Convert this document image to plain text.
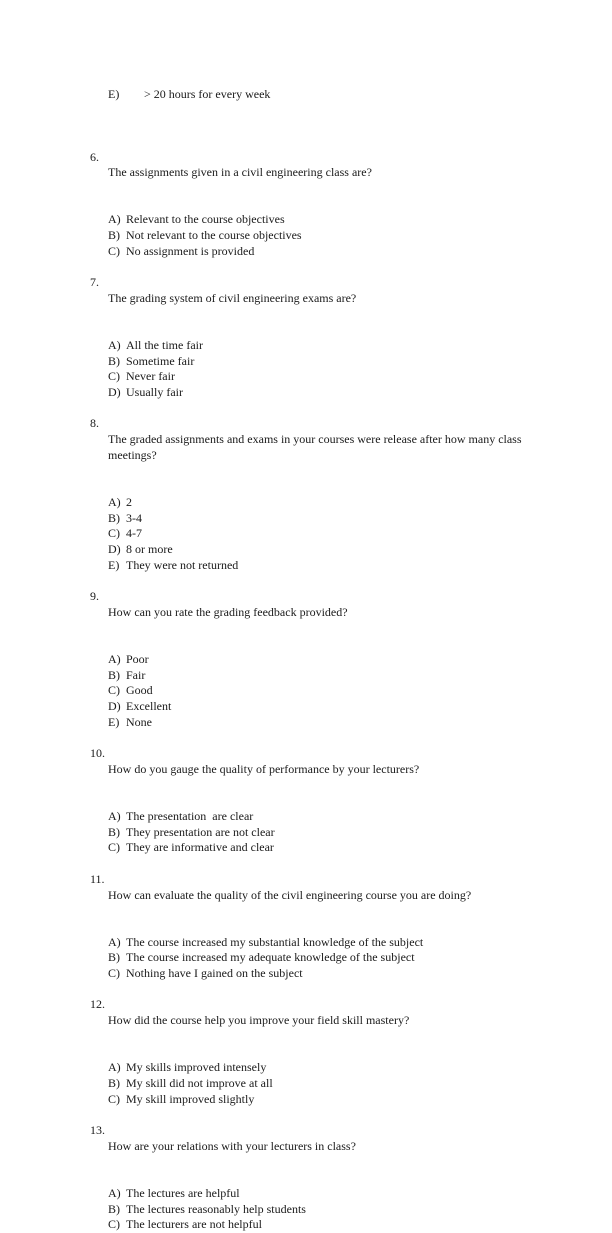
E) > 20 hours for every week

6.
The assignments given in a civil engineering class are?

A) Relevant to the course objectives
B) Not relevant to the course objectives
C) No assignment is provided

7.
The grading system of civil engineering exams are?

A) All the time fair
B) Sometime fair
C) Never fair
D) Usually fair

8.
The graded assignments and exams in your courses were release after how many class meetings?

A) 2
B) 3-4
C) 4-7
D) 8 or more
E) They were not returned

9.
How can you rate the grading feedback provided?

A) Poor
B) Fair
C) Good
D) Excellent
E) None

10.
How do you gauge the quality of performance by your lecturers?

A) The presentation  are clear
B) They presentation are not clear
C) They are informative and clear

11.
How can evaluate the quality of the civil engineering course you are doing?

A) The course increased my substantial knowledge of the subject
B) The course increased my adequate knowledge of the subject
C) Nothing have I gained on the subject

12.
How did the course help you improve your field skill mastery?

A) My skills improved intensely
B) My skill did not improve at all
C) My skill improved slightly

13.
How are your relations with your lecturers in class?

A) The lectures are helpful
B) The lectures reasonably help students
C) The lecturers are not helpful
